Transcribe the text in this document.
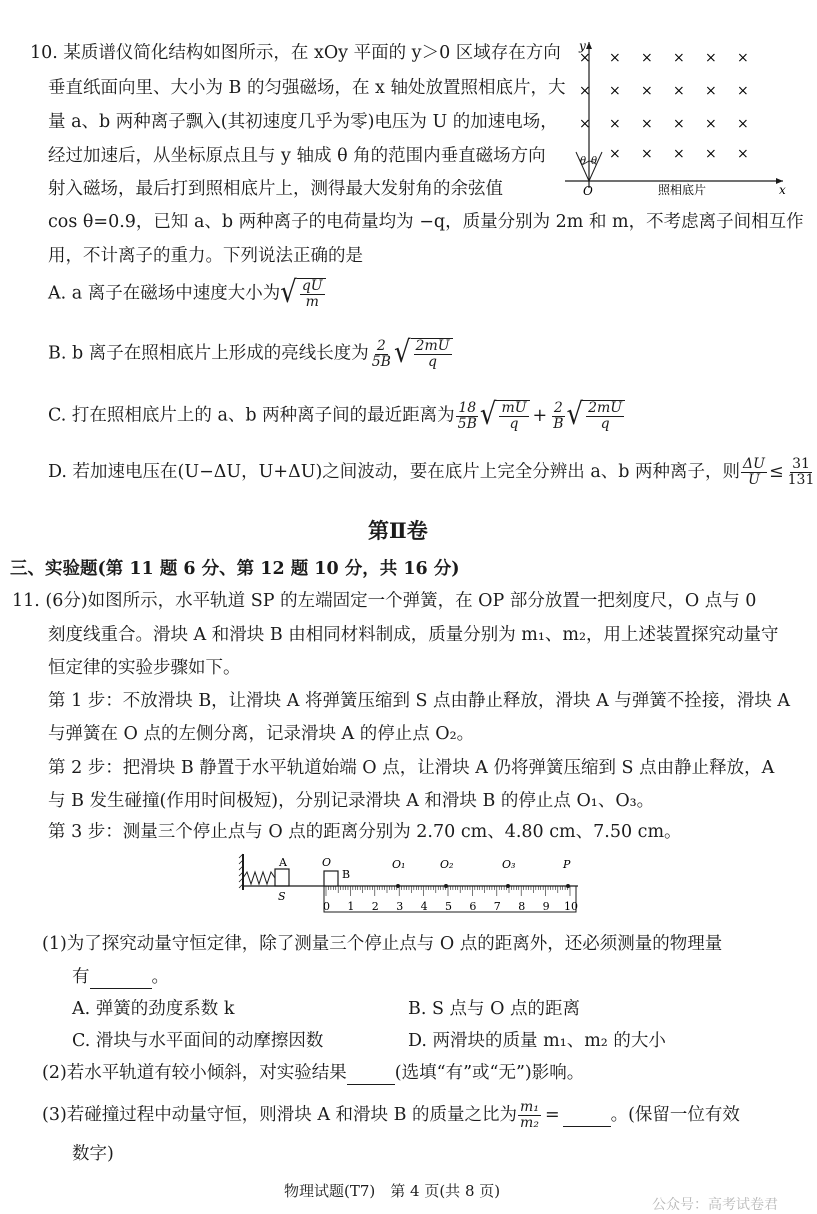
10. 某质谱仪简化结构如图所示，在 xOy 平面的 y＞0 区域存在方向
垂直纸面向里、大小为 B 的匀强磁场，在 x 轴处放置照相底片，大
量 a、b 两种离子飘入(其初速度几乎为零)电压为 U 的加速电场，
经过加速后，从坐标原点且与 y 轴成 θ 角的范围内垂直磁场方向
射入磁场，最后打到照相底片上，测得最大发射角的余弦值
cos θ=0.9，已知 a、b 两种离子的电荷量均为 −q，质量分别为 2m 和 m，不考虑离子间相互作
用，不计离子的重力。下列说法正确的是
y
x
O	照相底片
θ θ
× × × × × ×
× × × × × ×
× × × × × ×
× × × × ×
A. a 离子在磁场中速度大小为 √ $\frac{qU}{m}$
B. b 离子在照相底片上形成的亮线长度为 $\frac{2}{5B}$ √ $\frac{2mU}{q}$
C. 打在照相底片上的 a、b 两种离子间的最近距离为 $\frac{18}{5B}$ √ $\frac{mU}{q} + \frac{2}{B}$ √ $\frac{2mU}{q}$
D. 若加速电压在(U−ΔU，U+ΔU)之间波动，要在底片上完全分辨出 a、b 两种离子，则 $\frac{\Delta U}{U} \le \frac{31}{131}$
第Ⅱ卷
三、实验题(第 11 题 6 分、第 12 题 10 分，共 16 分)
11. (6分)如图所示，水平轨道 SP 的左端固定一个弹簧，在 OP 部分放置一把刻度尺，O 点与 0
刻度线重合。滑块 A 和滑块 B 由相同材料制成，质量分别为 m₁、m₂，用上述装置探究动量守
恒定律的实验步骤如下。
第 1 步：不放滑块 B，让滑块 A 将弹簧压缩到 S 点由静止释放，滑块 A 与弹簧不拴接，滑块 A
与弹簧在 O 点的左侧分离，记录滑块 A 的停止点 O₂。
第 2 步：把滑块 B 静置于水平轨道始端 O 点，让滑块 A 仍将弹簧压缩到 S 点由静止释放，A
与 B 发生碰撞(作用时间极短)，分别记录滑块 A 和滑块 B 的停止点 O₁、O₃。
第 3 步：测量三个停止点与 O 点的距离分别为 2.70 cm、4.80 cm、7.50 cm。
A
S
O
B
O₁	O₂	O₃	P
0 1 2 3 4 5 6 7 8 9 10
(1)为了探究动量守恒定律，除了测量三个停止点与 O 点的距离外，还必须测量的物理量
有	。
A. 弹簧的劲度系数 k	B. S 点与 O 点的距离
C. 滑块与水平面间的动摩擦因数	D. 两滑块的质量 m₁、m₂ 的大小
(2)若水平轨道有较小倾斜，对实验结果	(选填“有”或“无”)影响。
(3)若碰撞过程中动量守恒，则滑块 A 和滑块 B 的质量之比为 $\frac{\text{m₁}}{\text{m₂}}$ =	。(保留一位有效
数字)
物理试题(T7)　第 4 页(共 8 页)
公众号：高考试卷君
